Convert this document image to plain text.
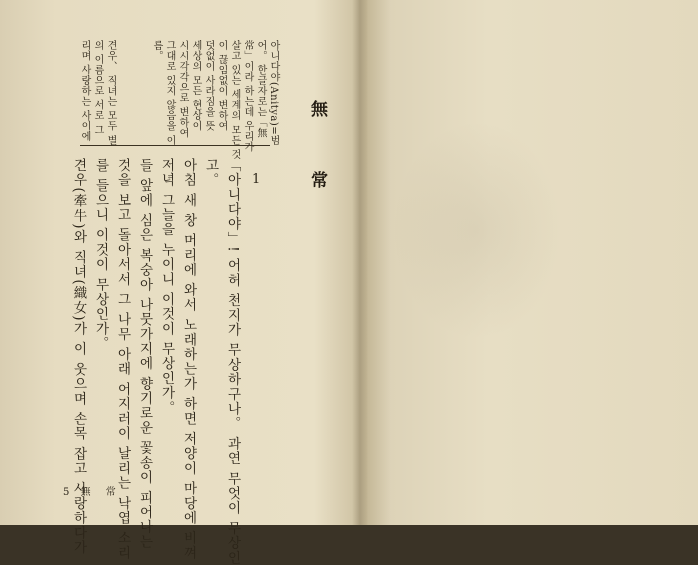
無 常
아니다야(Anitya)=범
어。 한글자로는「無
常」이라 하는데 우리가
살고 있는 세계의 모든 것
이 끊임없이 변하여
덧없이 사라짐을 뜻
세상의 모든 현상이
시시각각으로 변하여
그대로 있지 않음을 이
름。
견우、 직녀는 모두 별
의 이름으로 서로 그
리며 사랑하는 사이에
1
「아니다야」! 어허 천지가 무상하구나。 과연 무엇이 무상인
고。
아침 새 창 머리에 와서 노래하는가 하면 저양이 마당에 비껴
저녁 그늘을 누이니 이것이 무상인가。
들 앞에 심은 복숭아 나뭇가지에 향기로운 꽃송이 피어나는
것을 보고 돌아서서 그 나무 아래 어지러이 날리는 낙엽 소리
를 들으니 이것이 무상인가。
견우(牽牛)와 직녀(織女)가 이 웃으며 손목 잡고 사랑하다가
5 無 常
